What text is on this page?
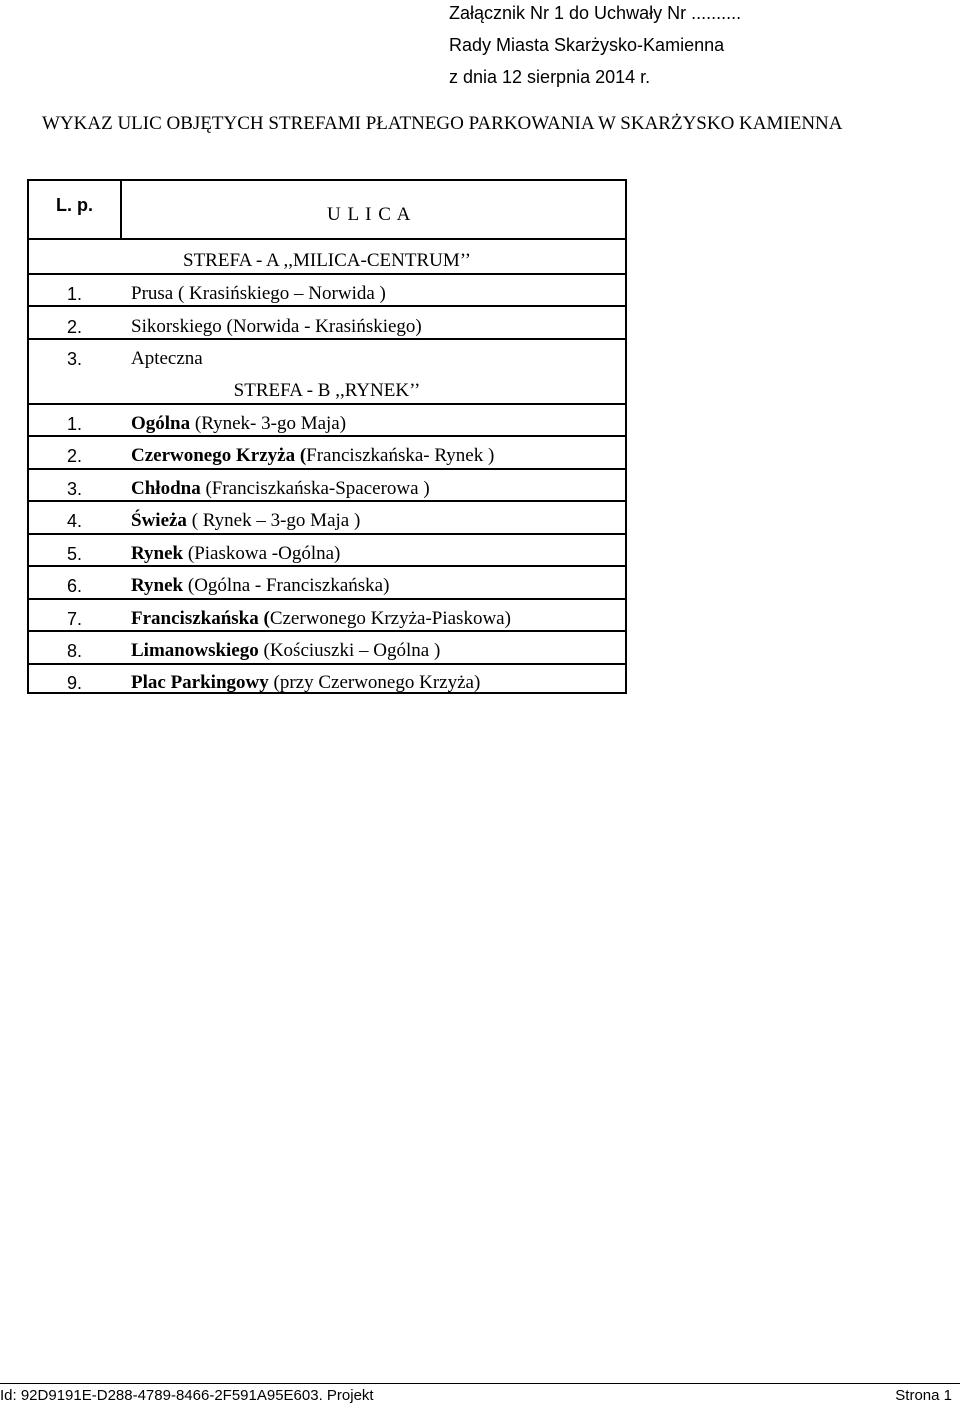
Załącznik Nr 1 do Uchwały Nr ..........
Rady Miasta Skarżysko-Kamienna
z dnia 12 sierpnia 2014 r.
WYKAZ ULIC OBJĘTYCH STREFAMI PŁATNEGO PARKOWANIA W SKARŻYSKO KAMIENNA
L. p.	U L I C A
STREFA - A ,,MILICA-CENTRUM’’
1.	Prusa ( Krasińskiego – Norwida )
2.	Sikorskiego (Norwida - Krasińskiego)
3.	Apteczna
STREFA - B ,,RYNEK’’
1.	Ogólna (Rynek- 3-go Maja)
2.	Czerwonego Krzyża (Franciszkańska- Rynek )
3.	Chłodna (Franciszkańska-Spacerowa )
4.	Świeża ( Rynek – 3-go Maja )
5.	Rynek (Piaskowa -Ogólna)
6.	Rynek (Ogólna - Franciszkańska)
7.	Franciszkańska (Czerwonego Krzyża-Piaskowa)
8.	Limanowskiego (Kościuszki – Ogólna )
9.	Plac Parkingowy (przy Czerwonego Krzyża)
Id: 92D9191E-D288-4789-8466-2F591A95E603. Projekt	Strona 1
